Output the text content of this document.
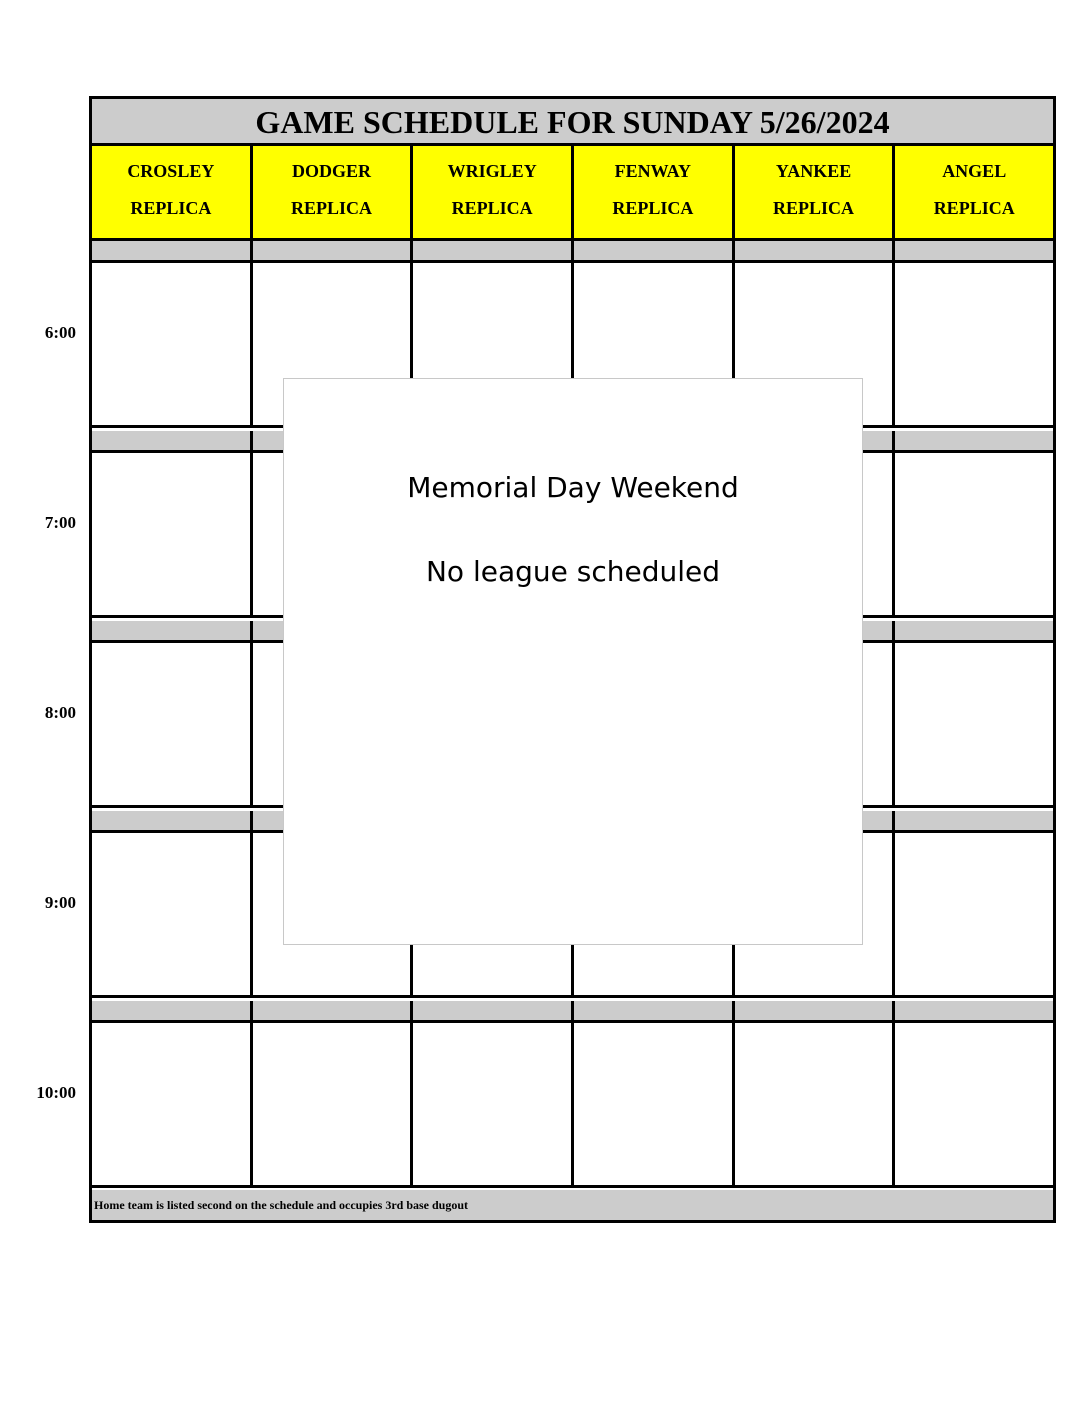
GAME SCHEDULE FOR SUNDAY 5/26/2024
CROSLEY
REPLICA
DODGER
REPLICA
WRIGLEY
REPLICA
FENWAY
REPLICA
YANKEE
REPLICA
ANGEL
REPLICA
Home team is listed second on the schedule and occupies 3rd base dugout
6:00
7:00
8:00
9:00
10:00
Memorial Day Weekend
No league scheduled
